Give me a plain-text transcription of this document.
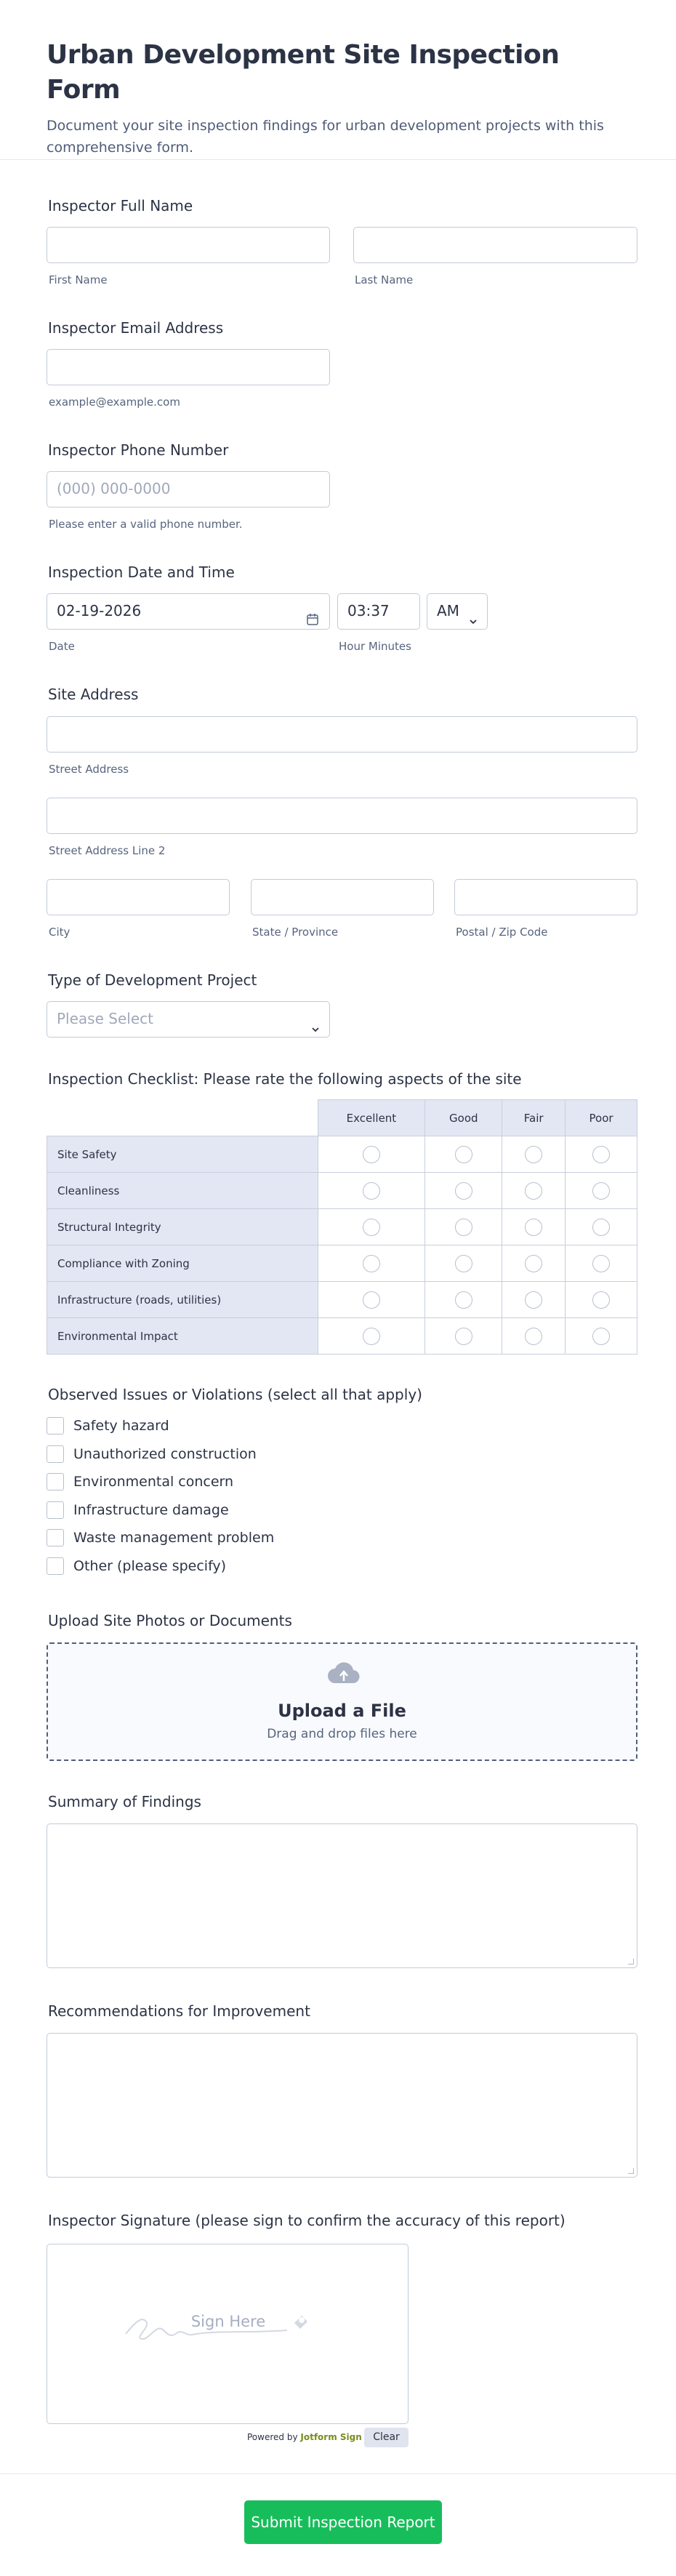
Urban Development Site Inspection Form
Document your site inspection findings for urban development projects with this comprehensive form.
Inspector Full Name
First Name	Last Name
Inspector Email Address
example@example.com
Inspector Phone Number
(000) 000-0000
Please enter a valid phone number.
Inspection Date and Time
02-19-2026	03:37	AM
Date	Hour Minutes
Site Address
Street Address
Street Address Line 2
City	State / Province	Postal / Zip Code
Type of Development Project
Please Select
Inspection Checklist: Please rate the following aspects of the site
	Excellent	Good	Fair	Poor
Site Safety				
Cleanliness				
Structural Integrity				
Compliance with Zoning				
Infrastructure (roads, utilities)				
Environmental Impact				
Observed Issues or Violations (select all that apply)
Safety hazard
Unauthorized construction
Environmental concern
Infrastructure damage
Waste management problem
Other (please specify)
Upload Site Photos or Documents
Upload a File
Drag and drop files here
Summary of Findings
Recommendations for Improvement
Inspector Signature (please sign to confirm the accuracy of this report)
Sign Here
Powered by Jotform Sign	Clear
Submit Inspection Report
